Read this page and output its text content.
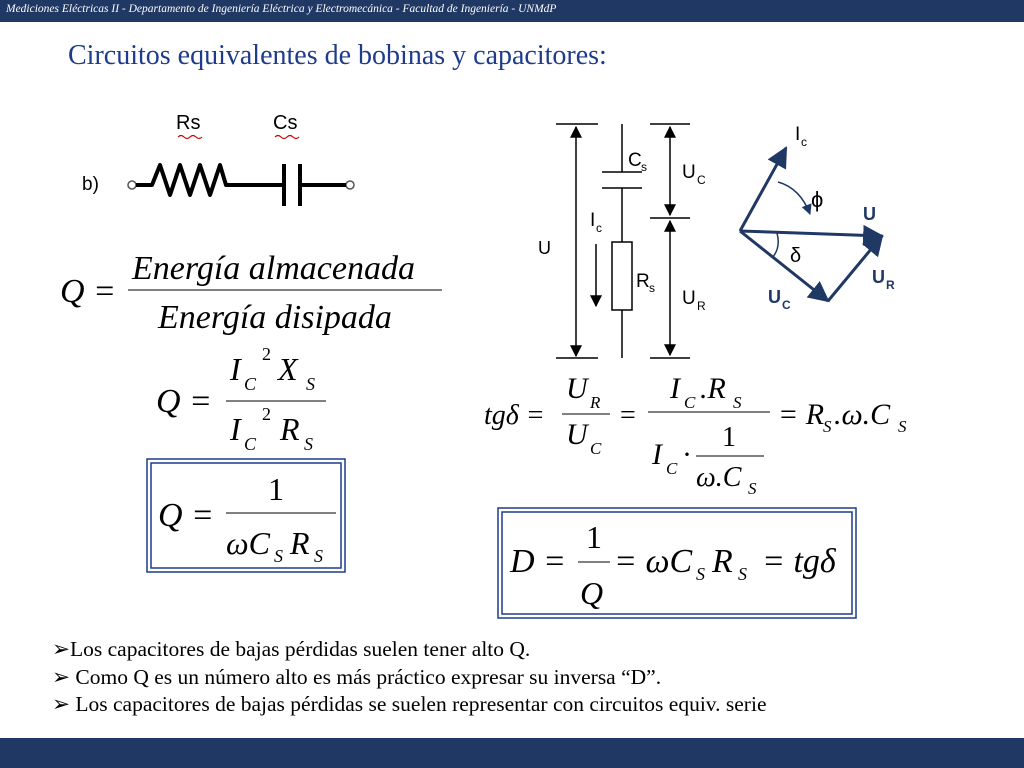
Mediciones Eléctricas II - Departamento de Ingeniería Eléctrica y Electromecánica - Facultad de Ingeniería - UNMdP
Circuitos equivalentes de bobinas y capacitores:
b)
Rs	Cs
Q =
Energía almacenada
Energía disipada
Q =
I C
2 X S
I C
2 R S
Q =
1
ωC S R S
U
C s
I c
R s
U C
U R
I c
ϕ
U
δ
U R
U C
tgδ =
U R
U C
=
I C .R S
I C ·
1
ω.C S
= R
S .ω.C S
D =
1
Q
= ωC S R S = tgδ
➢Los capacitores de bajas pérdidas suelen tener alto Q.
➢ Como Q es un número alto es más práctico expresar su inversa “D”.
➢ Los capacitores de bajas pérdidas se suelen representar con circuitos equiv. serie
